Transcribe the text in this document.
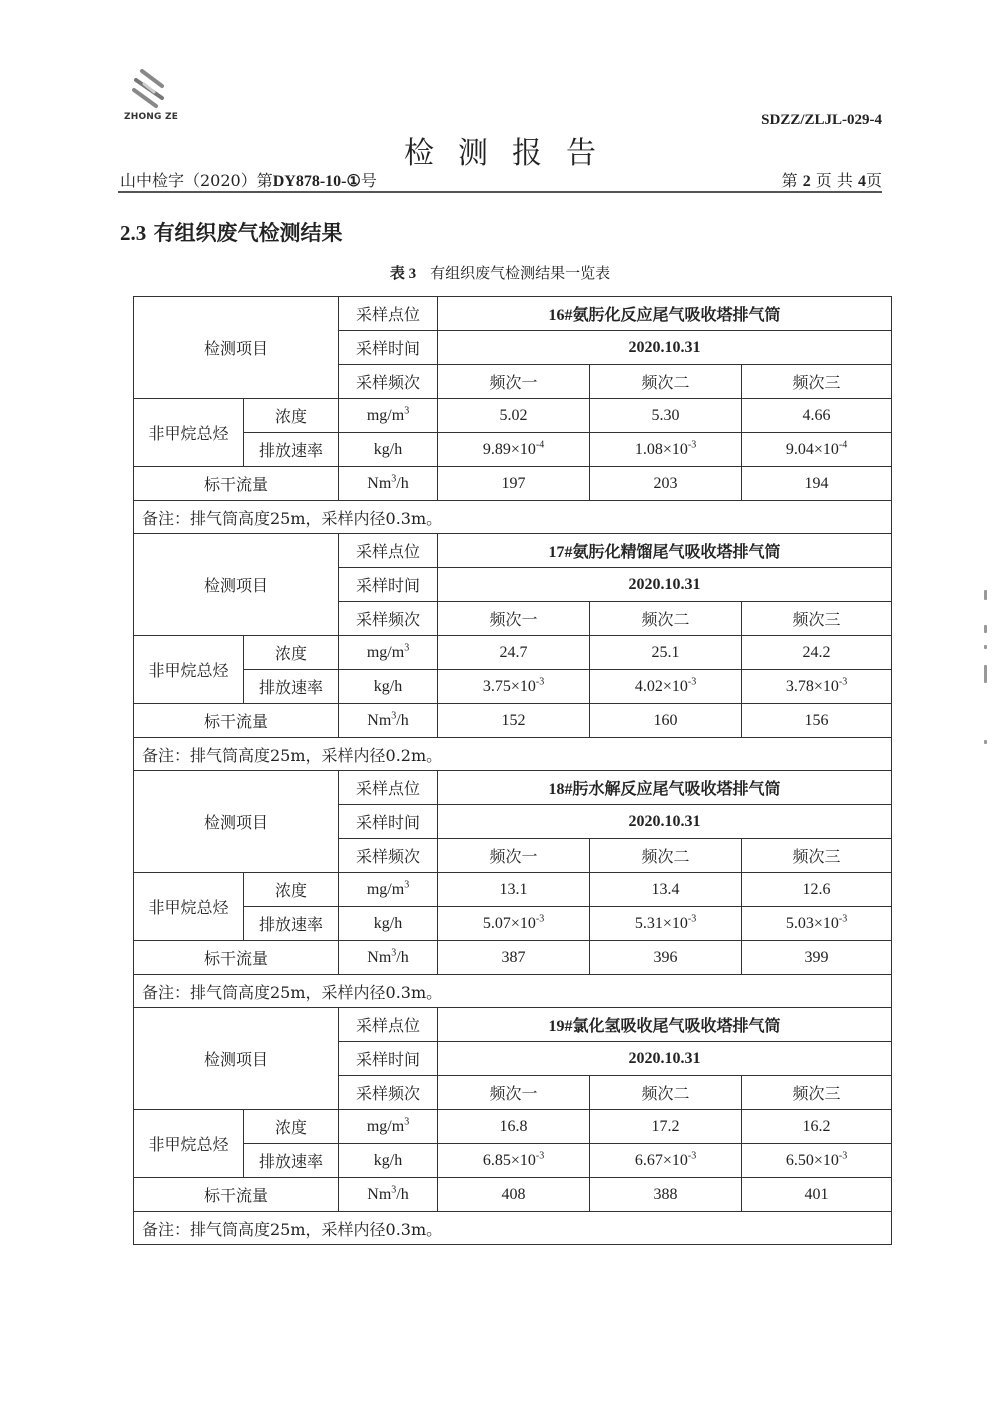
ZHONG ZE	SDZZ/ZLJL-029-4
检测报告
山中检字（2020）第DY878-10-①号	第 2 页 共 4页
2.3 有组织废气检测结果
表 3 有组织废气检测结果一览表
检测项目		采样点位	16#氨肟化反应尾气吸收塔排气筒		
		采样时间	2020.10.31		
		采样频次	频次一	频次二	频次三
非甲烷总烃	浓度	$mg/m^3$	5.02	5.30	4.66
	排放速率	kg/h	$9.89\times 10^{-4}$	$1.08\times 10^{-3}$	$9.04\times 10^{-4}$
标干流量		Nm$^3$/h	197	203	194
备注：排气筒高度25m，采样内径0.3m。					
检测项目		采样点位	17#氨肟化精馏尾气吸收塔排气筒		
		采样时间	2020.10.31		
		采样频次	频次一	频次二	频次三
非甲烷总烃	浓度	$mg/m^3$	24.7	25.1	24.2
	排放速率	kg/h	$3.75\times 10^{-3}$	$4.02\times 10^{-3}$	$3.78\times 10^{-3}$
标干流量		Nm$^3$/h	152	160	156
备注：排气筒高度25m，采样内径0.2m。					
检测项目		采样点位	18#肟水解反应尾气吸收塔排气筒		
		采样时间	2020.10.31		
		采样频次	频次一	频次二	频次三
非甲烷总烃	浓度	$mg/m^3$	13.1	13.4	12.6
	排放速率	kg/h	$5.07\times 10^{-3}$	$5.31\times 10^{-3}$	$5.03\times 10^{-3}$
标干流量		Nm$^3$/h	387	396	399
备注：排气筒高度25m，采样内径0.3m。					
检测项目		采样点位	19#氯化氢吸收尾气吸收塔排气筒		
		采样时间	2020.10.31		
		采样频次	频次一	频次二	频次三
非甲烷总烃	浓度	$mg/m^3$	16.8	17.2	16.2
	排放速率	kg/h	$6.85\times 10^{-3}$	$6.67\times 10^{-3}$	$6.50\times 10^{-3}$
标干流量		Nm$^3$/h	408	388	401
备注：排气筒高度25m，采样内径0.3m。					
